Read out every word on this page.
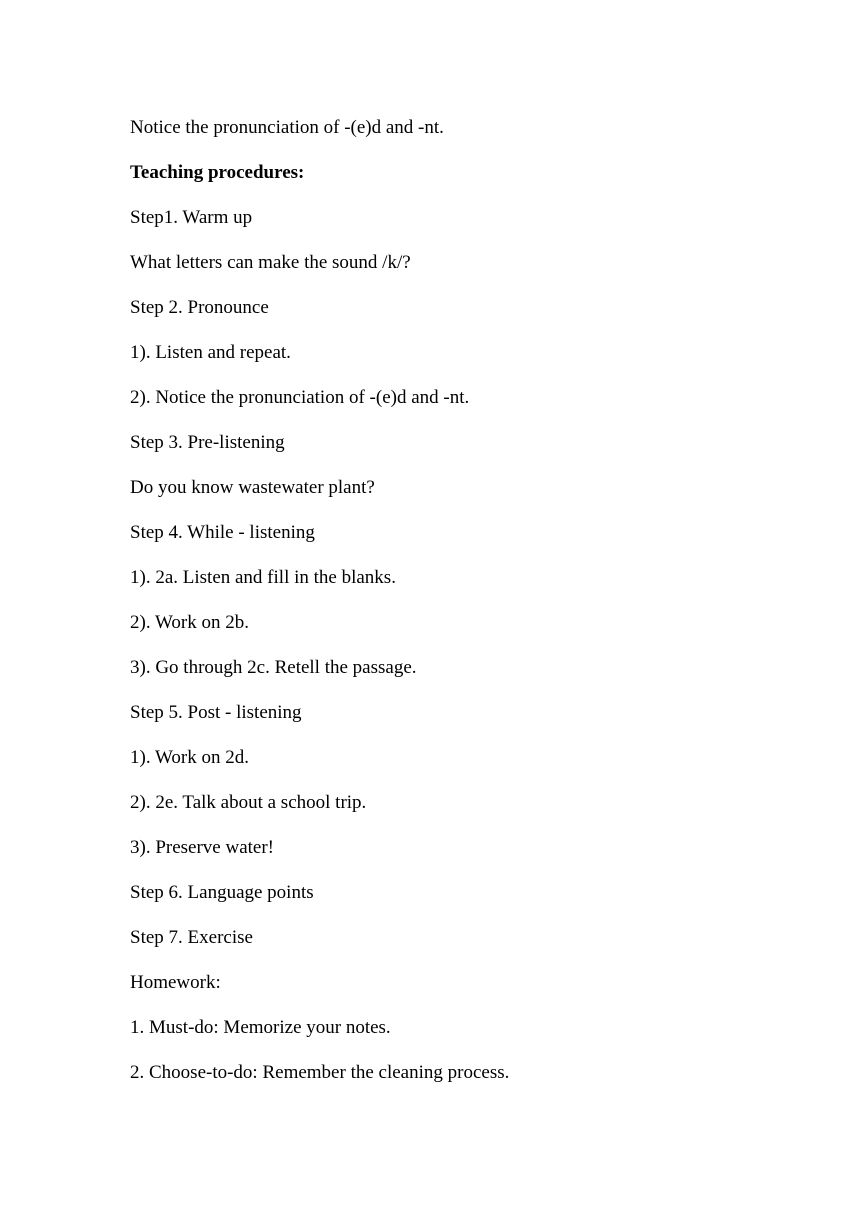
Notice the pronunciation of -(e)d and -nt.
Teaching procedures:
Step1. Warm up
What letters can make the sound /k/?
Step 2. Pronounce
1). Listen and repeat.
2). Notice the pronunciation of -(e)d and -nt.
Step 3. Pre-listening
Do you know wastewater plant?
Step 4. While - listening
1). 2a. Listen and fill in the blanks.
2). Work on 2b.
3). Go through 2c. Retell the passage.
Step 5. Post - listening
1). Work on 2d.
2). 2e. Talk about a school trip.
3). Preserve water!
Step 6. Language points
Step 7. Exercise
Homework:
1. Must-do: Memorize your notes.
2. Choose-to-do: Remember the cleaning process.
